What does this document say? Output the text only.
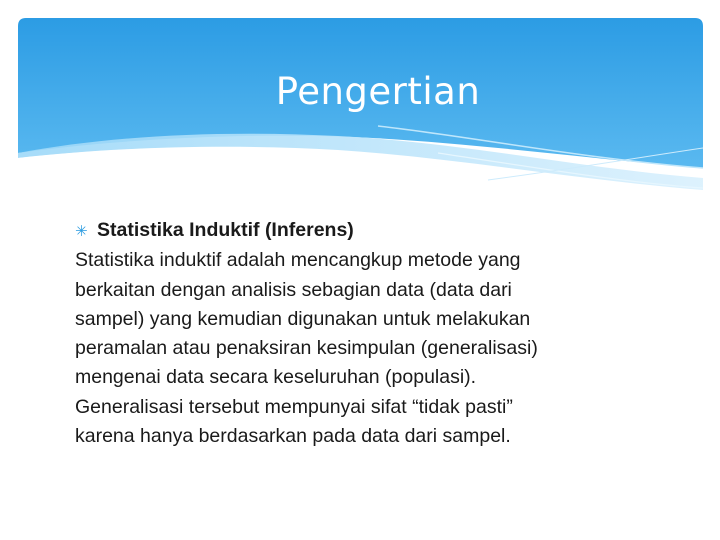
Pengertian
✳ Statistika Induktif (Inferens)
Statistika induktif adalah mencangkup metode yang
berkaitan dengan analisis sebagian data (data dari
sampel) yang kemudian digunakan untuk melakukan
peramalan atau penaksiran kesimpulan (generalisasi)
mengenai data secara keseluruhan (populasi).
Generalisasi tersebut mempunyai sifat “tidak pasti”
karena hanya berdasarkan pada data dari sampel.
